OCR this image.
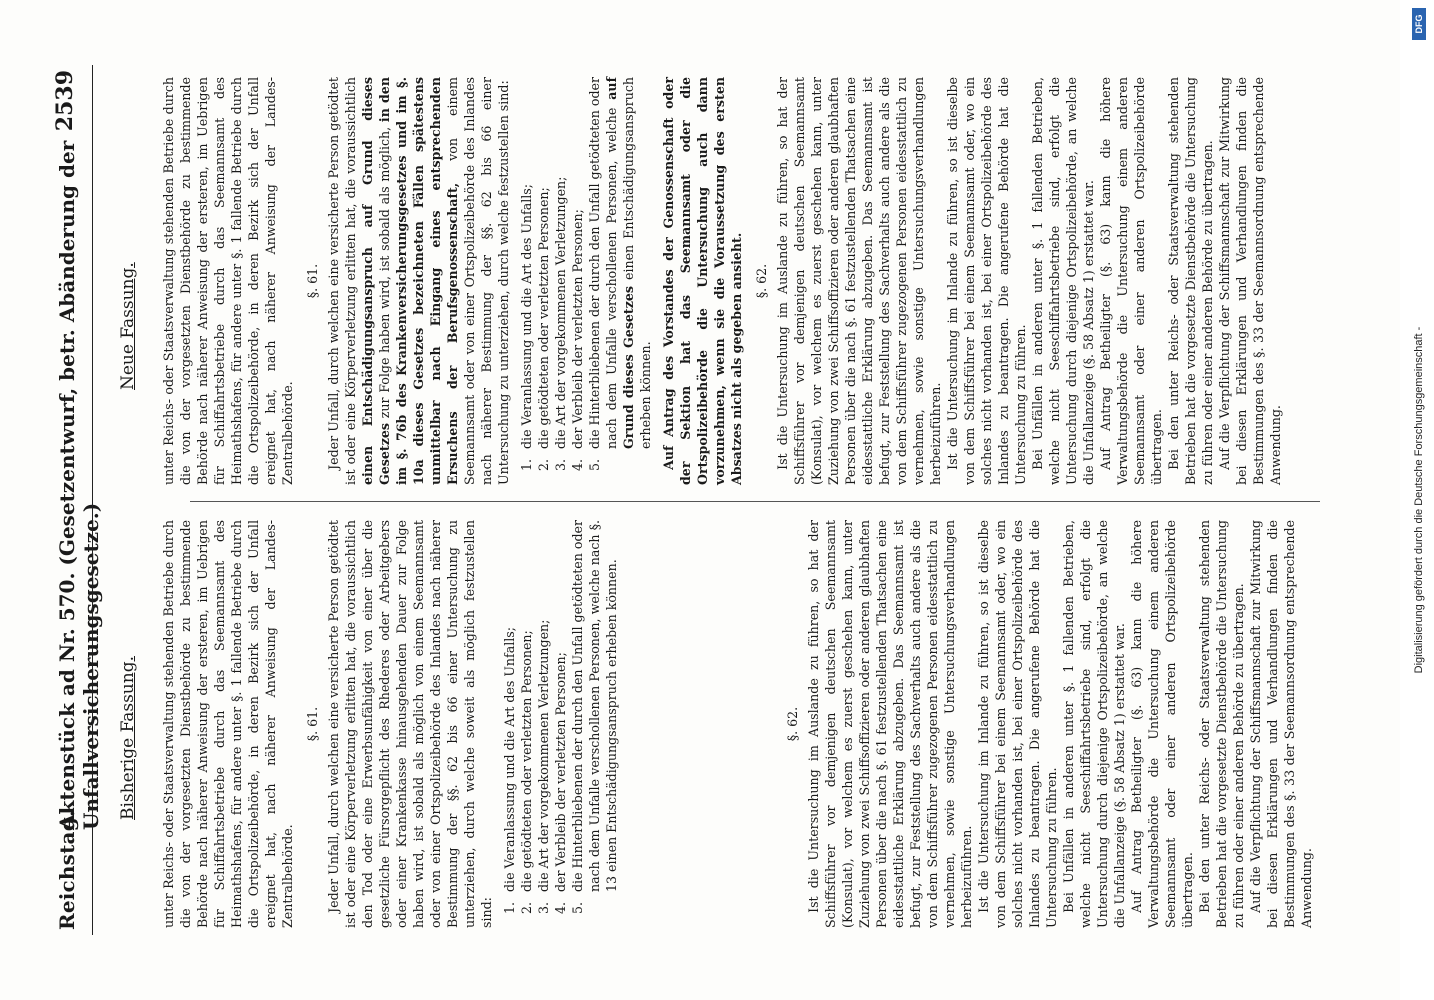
Reichstag.
Aktenstück ad Nr. 570. (Gesetzentwurf, betr. Abänderung der Unfallversicherungsgesetze.)
2539
Bisherige Fassung.
Neue Fassung.

unter Reichs- oder Staatsverwaltung stehenden Betriebe durch die von der vorgesetzten Dienstbehörde zu bestimmende Behörde nach näherer Anweisung der ersteren, im Uebrigen für Schiffahrtsbetriebe durch das Seemannsamt des Heimathshafens, für andere unter §. 1 fallende Betriebe durch die Ortspolizeibehörde, in deren Bezirk sich der Unfall ereignet hat, nach näherer Anweisung der Landes-Zentralbehörde.

§. 61. Jeder Unfall, durch welchen eine versicherte Person getödtet ist oder eine Körperverletzung erlitten hat, die voraussichtlich den Tod oder eine Erwerbsunfähigkeit von einer über die gesetzliche Fürsorgepflicht des Rhederes oder Arbeitgebers oder einer Krankenkasse hinausgehenden Dauer zur Folge haben wird, ist sobald als möglich von einem Seemannsamt oder von einer Ortspolizeibehörde des Inlandes nach näherer Bestimmung der §§. 62 bis 66 einer Untersuchung zu unterziehen, durch welche soweit als möglich festzustellen sind: 1.
die Veranlassung und die Art des Unfalls;
2.
die getödteten oder verletzten Personen;
3.
die Art der vorgekommenen Verletzungen;
4.
der Verbleib der verletzten Personen;
5.
die Hinterbliebenen der durch den Unfall getödteten oder nach dem Unfalle verschollenen Personen, welche nach §. 13 einen Entschädigungsanspruch erheben können.	§. 62. Ist die Untersuchung im Auslande zu führen, so hat der Schiffsführer vor demjenigen deutschen Seemannsamt (Konsulat), vor welchem es zuerst geschehen kann, unter Zuziehung von zwei Schiffsoffizieren oder anderen glaubhaften Personen über die nach §. 61 festzustellenden Thatsachen eine eidesstattliche Erklärung abzugeben. Das Seemannsamt ist befugt, zur Feststellung des Sachverhalts auch andere als die von dem Schiffsführer zugezogenen Personen eidesstattlich zu vernehmen, sowie sonstige Untersuchungsverhandlungen herbeizuführen. Ist die Untersuchung im Inlande zu führen, so ist dieselbe von dem Schiffsführer bei einem Seemannsamt oder, wo ein solches nicht vorhanden ist, bei einer Ortspolizeibehörde des Inlandes zu beantragen. Die angerufene Behörde hat die Untersuchung zu führen. Bei Unfällen in anderen unter §. 1 fallenden Betrieben, welche nicht Seeschiffahrtsbetriebe sind, erfolgt die Untersuchung durch diejenige Ortspolizeibehörde, an welche die Unfallanzeige (§. 58 Absatz 1) erstattet war. Auf Antrag Betheiligter (§. 63) kann die höhere Verwaltungsbehörde die Untersuchung einem anderen Seemannsamt oder einer anderen Ortspolizeibehörde übertragen. Bei den unter Reichs- oder Staatsverwaltung stehenden Betrieben hat die vorgesetzte Dienstbehörde die Untersuchung zu führen oder einer anderen Behörde zu übertragen. Auf die Verpflichtung der Schiffsmannschaft zur Mitwirkung bei diesen Erklärungen und Verhandlungen finden die Bestimmungen des §. 33 der Seemannsordnung entsprechende Anwendung.

unter Reichs- oder Staatsverwaltung stehenden Betriebe durch die von der vorgesetzten Dienstbehörde zu bestimmende Behörde nach näherer Anweisung der ersteren, im Uebrigen für Schiffahrtsbetriebe durch das Seemannsamt des Heimathshafens, für andere unter §. 1 fallende Betriebe durch die Ortspolizeibehörde, in deren Bezirk sich der Unfall ereignet hat, nach näherer Anweisung der Landes-Zentralbehörde.

§. 61. Jeder Unfall, durch welchen eine versicherte Person getödtet ist oder eine Körperverletzung erlitten hat, die voraussichtlich einen Entschädigungsanspruch auf Grund dieses Gesetzes zur Folge haben wird, ist sobald als möglich, in den im §. 76b des Krankenversicherungsgesetzes und im §. 10a dieses Gesetzes bezeichneten Fällen spätestens unmittelbar nach Eingang eines entsprechenden Ersuchens der Berufsgenossenschaft, von einem Seemannsamt oder von einer Ortspolizeibehörde des Inlandes nach näherer Bestimmung der §§. 62 bis 66 einer Untersuchung zu unterziehen, durch welche festzustellen sind: 1.
die Veranlassung und die Art des Unfalls;
2.
die getödteten oder verletzten Personen;
3.
die Art der vorgekommenen Verletzungen;
4.
der Verbleib der verletzten Personen;
5.
die Hinterbliebenen der durch den Unfall getödteten oder nach dem Unfalle verschollenen Personen, welche auf Grund dieses Gesetzes einen Entschädigungsanspruch erheben können. Auf Antrag des Vorstandes der Genossenschaft oder der Sektion hat das Seemannsamt oder die Ortspolizeibehörde die Untersuchung auch dann vorzunehmen, wenn sie die Voraussetzung des ersten Absatzes nicht als gegeben ansieht. §. 62. Ist die Untersuchung im Auslande zu führen, so hat der Schiffsführer vor demjenigen deutschen Seemannsamt (Konsulat), vor welchem es zuerst geschehen kann, unter Zuziehung von zwei Schiffsoffizieren oder anderen glaubhaften Personen über die nach §. 61 festzustellenden Thatsachen eine eidesstattliche Erklärung abzugeben. Das Seemannsamt ist befugt, zur Feststellung des Sachverhalts auch andere als die von dem Schiffsführer zugezogenen Personen eidesstattlich zu vernehmen, sowie sonstige Untersuchungsverhandlungen herbeizuführen. Ist die Untersuchung im Inlande zu führen, so ist dieselbe von dem Schiffsführer bei einem Seemannsamt oder, wo ein solches nicht vorhanden ist, bei einer Ortspolizeibehörde des Inlandes zu beantragen. Die angerufene Behörde hat die Untersuchung zu führen. Bei Unfällen in anderen unter §. 1 fallenden Betrieben, welche nicht Seeschiffahrtsbetriebe sind, erfolgt die Untersuchung durch diejenige Ortspolizeibehörde, an welche die Unfallanzeige (§. 58 Absatz 1) erstattet war. Auf Antrag Betheiligter (§. 63) kann die höhere Verwaltungsbehörde die Untersuchung einem anderen Seemannsamt oder einer anderen Ortspolizeibehörde übertragen. Bei den unter Reichs- oder Staatsverwaltung stehenden Betrieben hat die vorgesetzte Dienstbehörde die Untersuchung zu führen oder einer anderen Behörde zu übertragen. Auf die Verpflichtung der Schiffsmannschaft zur Mitwirkung bei diesen Erklärungen und Verhandlungen finden die Bestimmungen des §. 33 der Seemannsordnung entsprechende Anwendung.

DFG
Digitalisierung gefördert durch die Deutsche Forschungsgemeinschaft -
